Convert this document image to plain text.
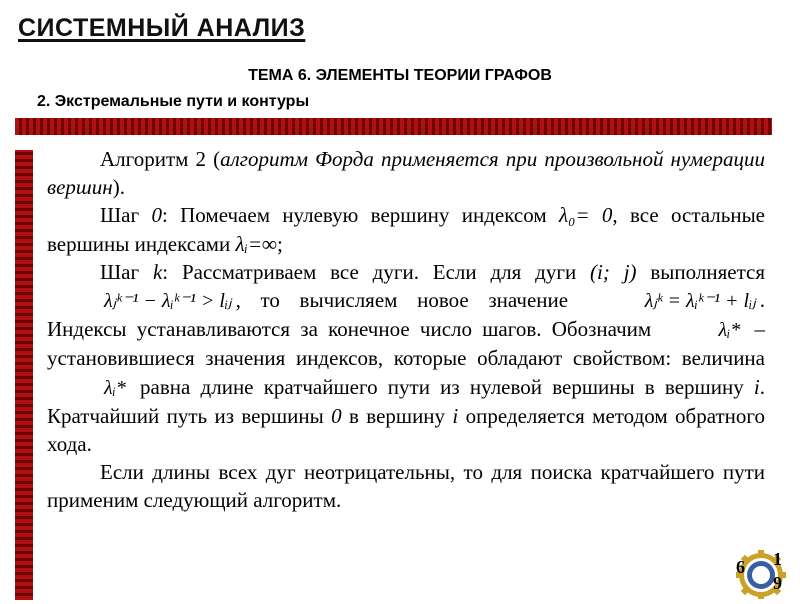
СИСТЕМНЫЙ АНАЛИЗ
ТЕМА 6. ЭЛЕМЕНТЫ ТЕОРИИ ГРАФОВ
2. Экстремальные пути и контуры

Алгоритм 2 (алгоритм Форда применяется при произвольной нумерации вершин).

Шаг 0: Помечаем нулевую вершину индексом λ₀= 0, все остальные вершины индексами λᵢ=∞;

Шаг k: Рассматриваем все дуги. Если для дуги (i; j) выполняется λⱼᵏ⁻¹ − λᵢᵏ⁻¹ > lᵢⱼ , то вычисляем новое значение	λⱼᵏ = λᵢᵏ⁻¹ + lᵢⱼ . Индексы устанавливаются за конечное число шагов. Обозначим	λᵢ* – установившиеся значения индексов, которые обладают свойством: величина λᵢ* равна длине кратчайшего пути из нулевой вершины в вершину i. Кратчайший путь из вершины 0 в вершину i определяется методом обратного хода.

Если длины всех дуг неотрицательны, то для поиска кратчайшего пути применим следующий алгоритм.

6 1
9
